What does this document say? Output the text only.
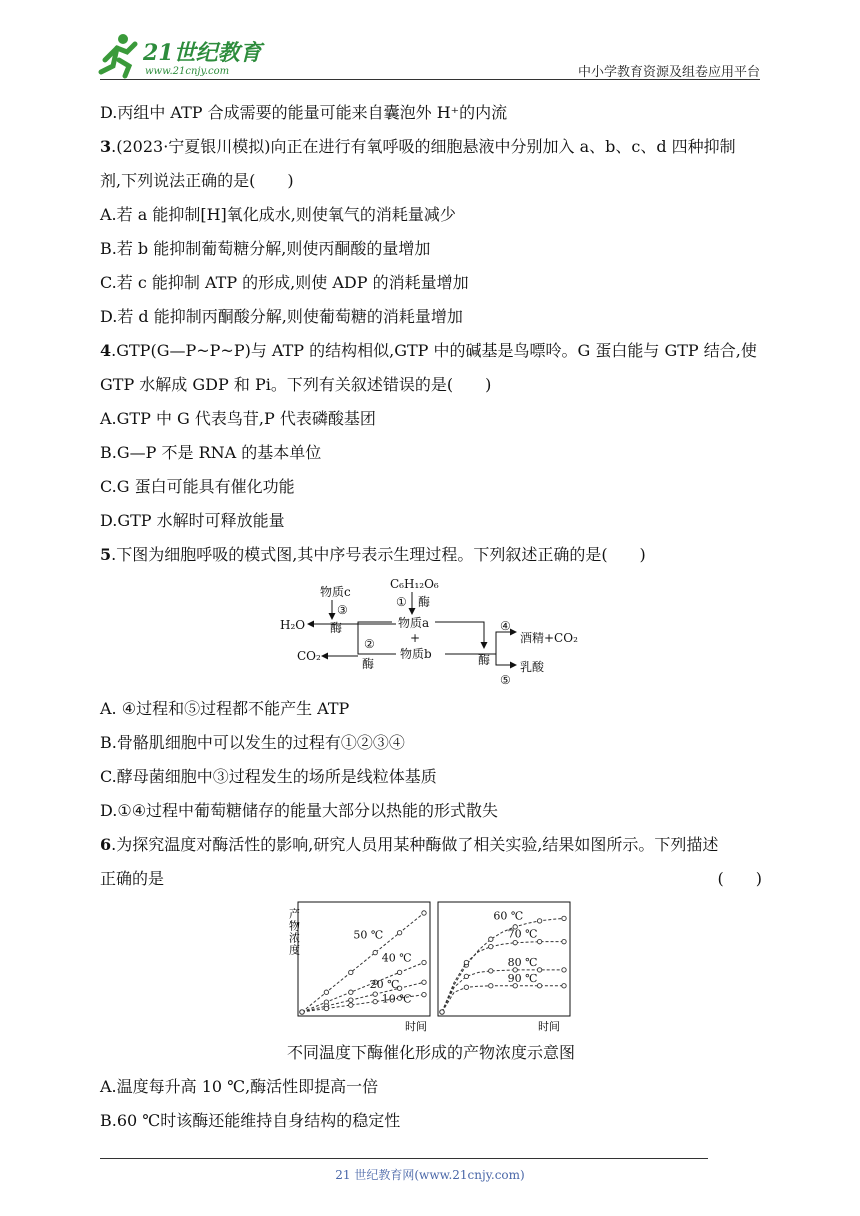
21世纪教育
www.21cnjy.com	中小学教育资源及组卷应用平台
D.丙组中 ATP 合成需要的能量可能来自囊泡外 H⁺的内流
3.(2023·宁夏银川模拟)向正在进行有氧呼吸的细胞悬液中分别加入 a、b、c、d 四种抑制
剂,下列说法正确的是(　　)
A.若 a 能抑制[H]氧化成水,则使氧气的消耗量减少
B.若 b 能抑制葡萄糖分解,则使丙酮酸的量增加
C.若 c 能抑制 ATP 的形成,则使 ADP 的消耗量增加
D.若 d 能抑制丙酮酸分解,则使葡萄糖的消耗量增加
4.GTP(G—P~P~P)与 ATP 的结构相似,GTP 中的碱基是鸟嘌呤。G 蛋白能与 GTP 结合,使
GTP 水解成 GDP 和 Pi。下列有关叙述错误的是(　　)
A.GTP 中 G 代表鸟苷,P 代表磷酸基团
B.G—P 不是 RNA 的基本单位
C.G 蛋白可能具有催化功能
D.GTP 水解时可释放能量
5.下图为细胞呼吸的模式图,其中序号表示生理过程。下列叙述正确的是(　　)
C₆H₁₂O₆
物质c
③
① 酶
物质a
+
物质b
H₂O 酶
②
CO₂
酶	酶
④
酒精+CO₂
乳酸
⑤
A. ④过程和⑤过程都不能产生 ATP
B.骨骼肌细胞中可以发生的过程有①②③④
C.酵母菌细胞中③过程发生的场所是线粒体基质
D.①④过程中葡萄糖储存的能量大部分以热能的形式散失
6.为探究温度对酶活性的影响,研究人员用某种酶做了相关实验,结果如图所示。下列描述
正确的是	(　　)
产物浓度
时间	时间
50 ℃
40 ℃
20 ℃
10 ℃
60 ℃
70 ℃
80 ℃
90 ℃
不同温度下酶催化形成的产物浓度示意图
A.温度每升高 10 ℃,酶活性即提高一倍
B.60 ℃时该酶还能维持自身结构的稳定性
21 世纪教育网(www.21cnjy.com)
